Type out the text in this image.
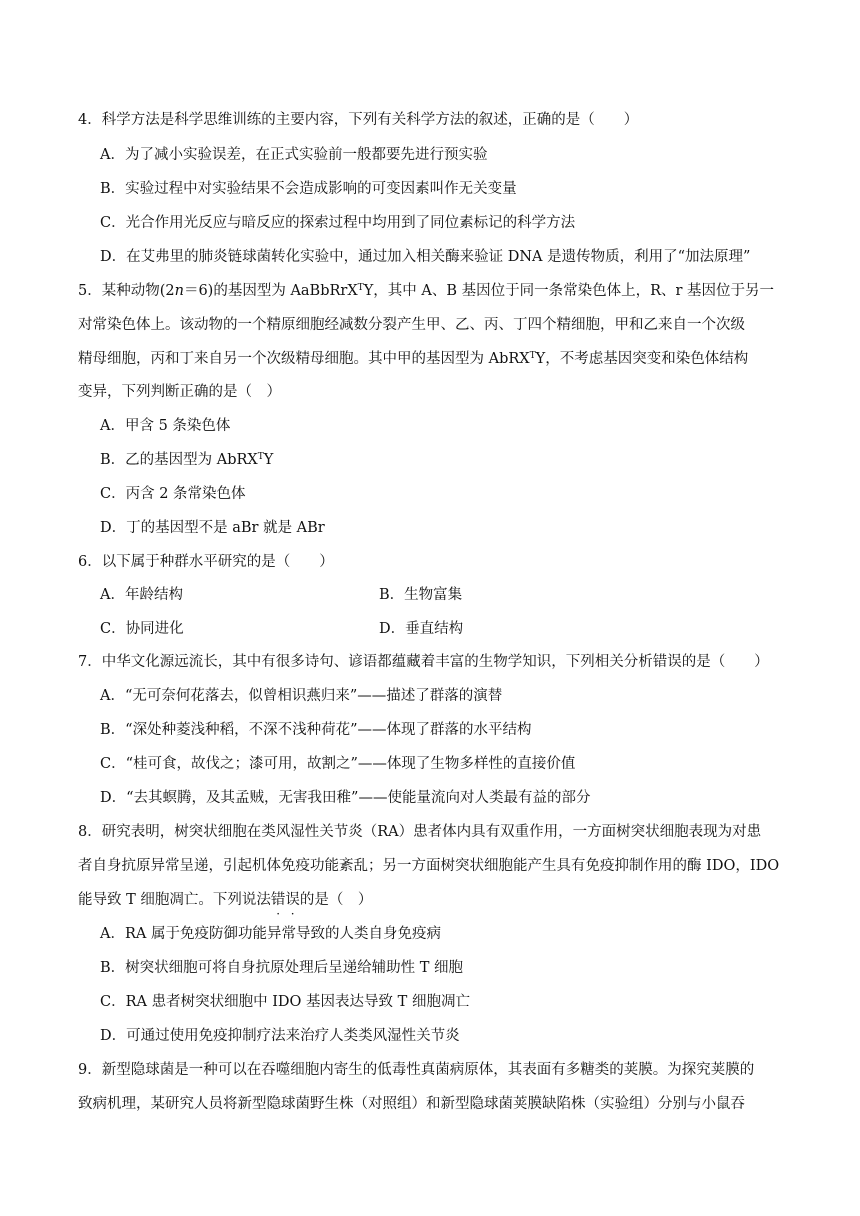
4．科学方法是科学思维训练的主要内容，下列有关科学方法的叙述，正确的是（　　）
A．为了减小实验误差，在正式实验前一般都要先进行预实验
B．实验过程中对实验结果不会造成影响的可变因素叫作无关变量
C．光合作用光反应与暗反应的探索过程中均用到了同位素标记的科学方法
D．在艾弗里的肺炎链球菌转化实验中，通过加入相关酶来验证 DNA 是遗传物质，利用了“加法原理”
5．某种动物(2n＝6)的基因型为 AaBbRrX$^T$Y，其中 A、B 基因位于同一条常染色体上，R、r 基因位于另一
对常染色体上。该动物的一个精原细胞经减数分裂产生甲、乙、丙、丁四个精细胞，甲和乙来自一个次级
精母细胞，丙和丁来自另一个次级精母细胞。其中甲的基因型为 AbRX$^T$Y，不考虑基因突变和染色体结构
变异，下列判断正确的是（　）
A．甲含 5 条染色体
B．乙的基因型为 AbRX$^T$Y
C．丙含 2 条常染色体
D．丁的基因型不是 aBr 就是 ABr
6．以下属于种群水平研究的是（　　）
A．年龄结构	B．生物富集
C．协同进化	D．垂直结构
7．中华文化源远流长，其中有很多诗句、谚语都蕴藏着丰富的生物学知识，下列相关分析错误的是（　　）
A．“无可奈何花落去，似曾相识燕归来”——描述了群落的演替
B．“深处种菱浅种稻，不深不浅种荷花”——体现了群落的水平结构
C．“桂可食，故伐之；漆可用，故割之”——体现了生物多样性的直接价值
D．“去其螟腾，及其孟贼，无害我田稚”——使能量流向对人类最有益的部分
8．研究表明，树突状细胞在类风湿性关节炎（RA）患者体内具有双重作用，一方面树突状细胞表现为对患
者自身抗原异常呈递，引起机体免疫功能紊乱；另一方面树突状细胞能产生具有免疫抑制作用的酶 IDO，IDO
能导致 T 细胞凋亡。下列说法错误的是（　）
A．RA 属于免疫防御功能异常导致的人类自身免疫病
B．树突状细胞可将自身抗原处理后呈递给辅助性 T 细胞
C．RA 患者树突状细胞中 IDO 基因表达导致 T 细胞凋亡
D．可通过使用免疫抑制疗法来治疗人类类风湿性关节炎
9．新型隐球菌是一种可以在吞噬细胞内寄生的低毒性真菌病原体，其表面有多糖类的荚膜。为探究荚膜的
致病机理，某研究人员将新型隐球菌野生株（对照组）和新型隐球菌荚膜缺陷株（实验组）分别与小鼠吞
